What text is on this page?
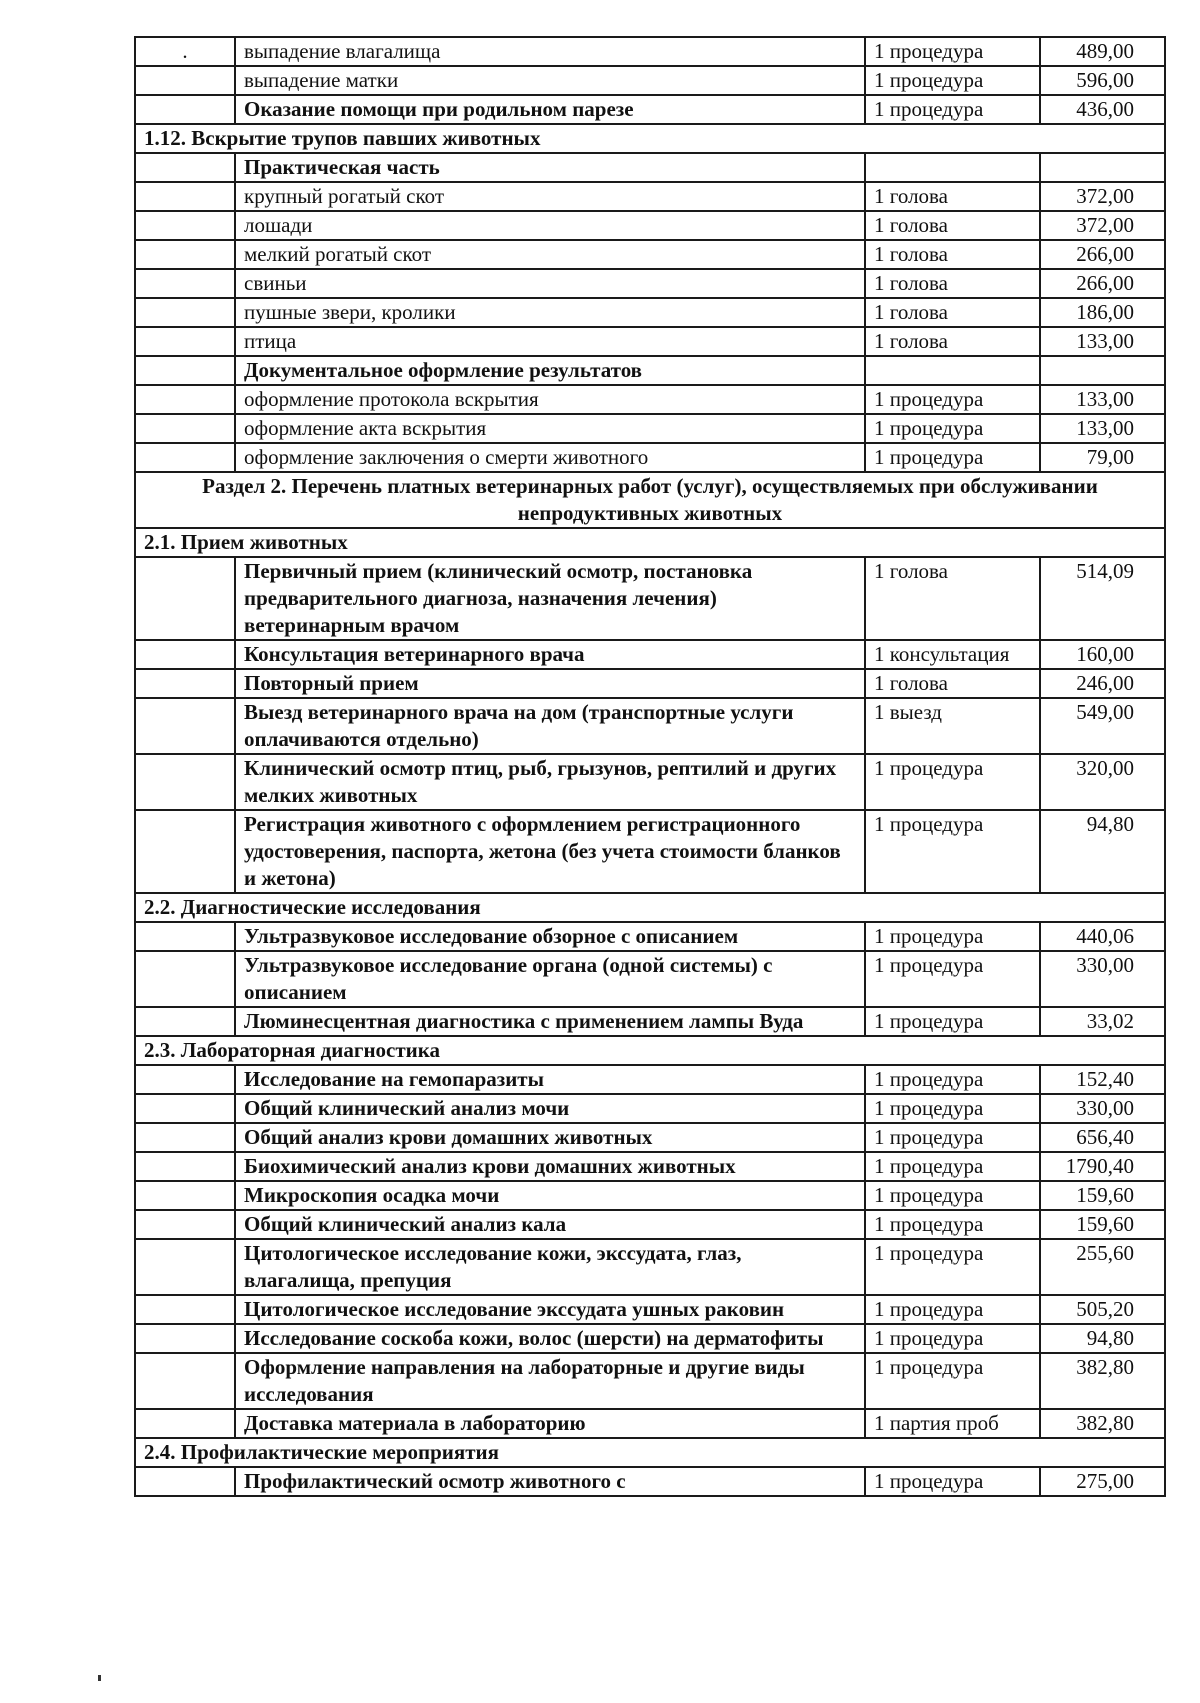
.	выпадение влагалища	1 процедура	489,00
	выпадение матки	1 процедура	596,00
	Оказание помощи при родильном парезе	1 процедура	436,00
1.12. Вскрытие трупов павших животных			
	Практическая часть		
	крупный рогатый скот	1 голова	372,00
	лошади	1 голова	372,00
	мелкий рогатый скот	1 голова	266,00
	свиньи	1 голова	266,00
	пушные звери, кролики	1 голова	186,00
	птица	1 голова	133,00
	Документальное оформление результатов		
	оформление протокола вскрытия	1 процедура	133,00
	оформление акта вскрытия	1 процедура	133,00
	оформление заключения о смерти животного	1 процедура	79,00
Раздел 2. Перечень платных ветеринарных работ (услуг), осуществляемых при обслуживании непродуктивных животных			
2.1. Прием животных			
	Первичный прием (клинический осмотр, постановка предварительного диагноза, назначения лечения) ветеринарным врачом	1 голова	514,09
	Консультация ветеринарного врача	1 консультация	160,00
	Повторный прием	1 голова	246,00
	Выезд ветеринарного врача на дом (транспортные услуги оплачиваются отдельно)	1 выезд	549,00
	Клинический осмотр птиц, рыб, грызунов, рептилий и других мелких животных	1 процедура	320,00
	Регистрация животного с оформлением регистрационного удостоверения, паспорта, жетона (без учета стоимости бланков и жетона)	1 процедура	94,80
2.2. Диагностические исследования			
	Ультразвуковое исследование обзорное с описанием	1 процедура	440,06
	Ультразвуковое исследование органа (одной системы) с описанием	1 процедура	330,00
	Люминесцентная диагностика с применением лампы Вуда	1 процедура	33,02
2.3. Лабораторная диагностика			
	Исследование на гемопаразиты	1 процедура	152,40
	Общий клинический анализ мочи	1 процедура	330,00
	Общий анализ крови домашних животных	1 процедура	656,40
	Биохимический анализ крови домашних животных	1 процедура	1790,40
	Микроскопия осадка мочи	1 процедура	159,60
	Общий клинический анализ кала	1 процедура	159,60
	Цитологическое исследование кожи, экссудата, глаз, влагалища, препуция	1 процедура	255,60
	Цитологическое исследование экссудата ушных раковин	1 процедура	505,20
	Исследование соскоба кожи, волос (шерсти) на дерматофиты	1 процедура	94,80
	Оформление направления на лабораторные и другие виды исследования	1 процедура	382,80
	Доставка материала в лабораторию	1 партия проб	382,80
2.4. Профилактические мероприятия			
	Профилактический осмотр животного с	1 процедура	275,00
